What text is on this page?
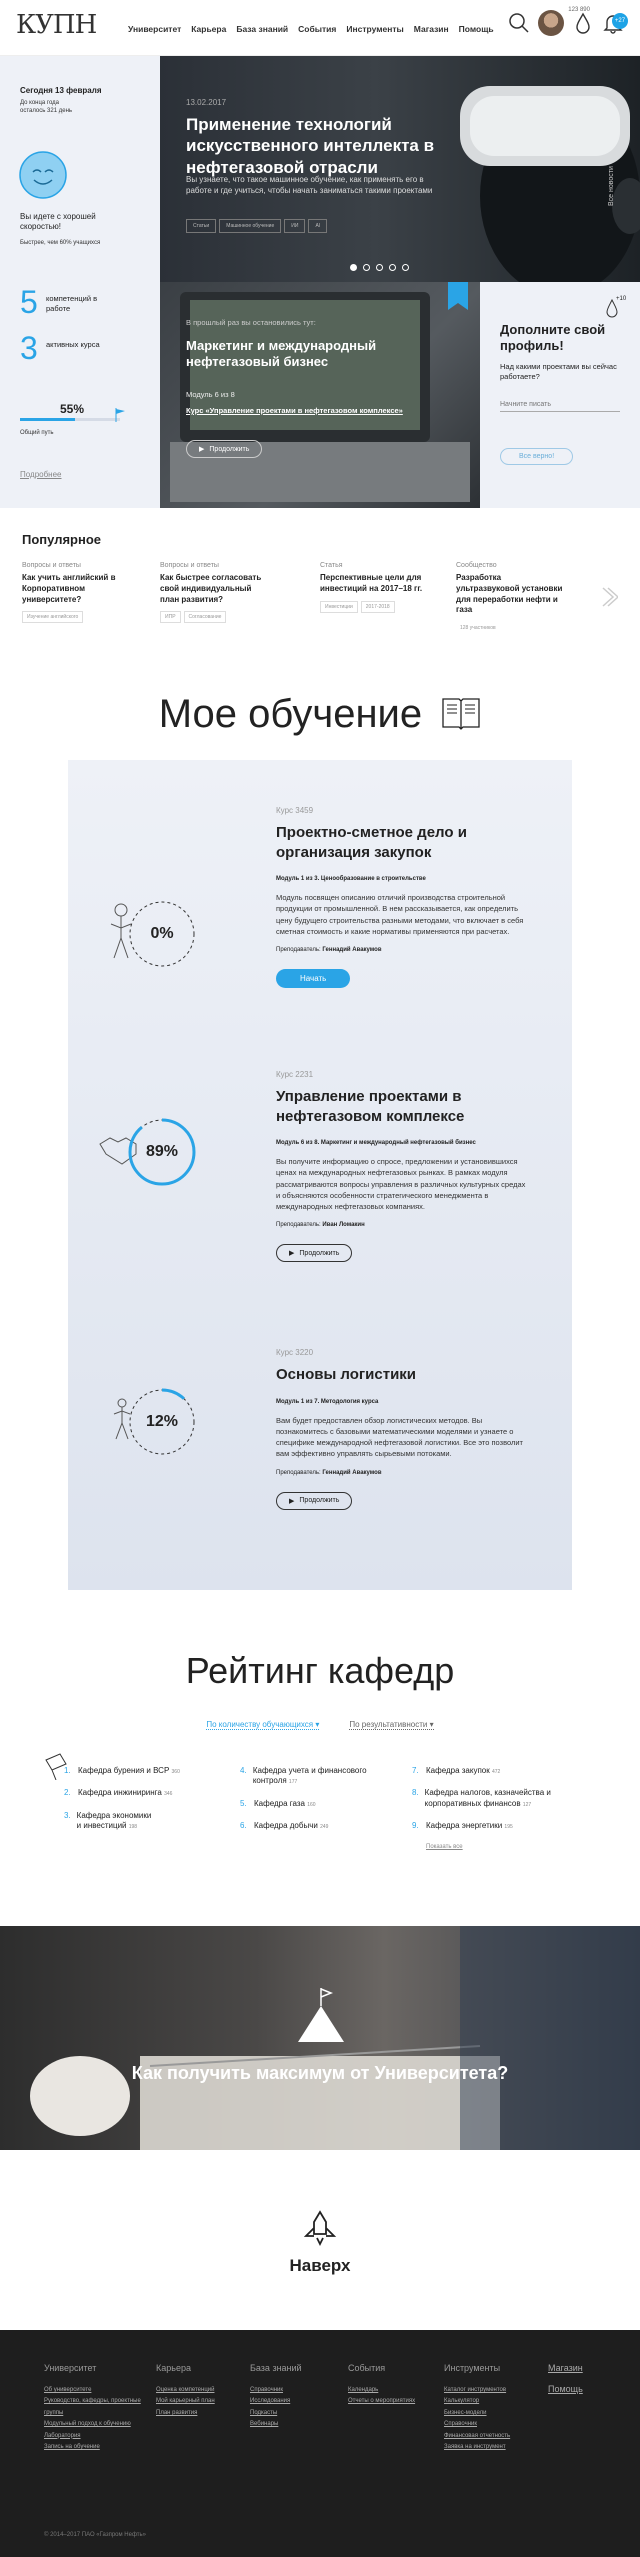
КУПН	Университет Карьера База знаний События Инструменты Магазин Помощь
123 890
+27
Сегодня 13 февраля
До конца года осталось 321 день
Вы идете с хорошей скоростью!
Быстрее, чем 60% учащихся
5 компетенций в работе
3 активных курса
55%
Общий путь
Подробнее
13.02.2017
Применение технологий искусственного интеллекта в нефтегазовой отрасли
Вы узнаете, что такое машинное обучение, как применять его в работе и где учиться, чтобы начать заниматься такими проектами
Статьи	Машинное обучение	ИИ	AI
Все новости
В прошлый раз вы остановились тут:
Маркетинг и международный нефтегазовый бизнес
Модуль 6 из 8
Курс «Управление проектами в нефтегазовом комплексе»
▶ Продолжить
+10
Дополните свой профиль!
Над какими проектами вы сейчас работаете?
Начните писать
Все верно!
Популярное
Вопросы и ответы
Как учить английский в Корпоративном университете?
Изучение английского
Вопросы и ответы
Как быстрее согласовать свой индивидуальный план развития?
ИПР	Согласование
Статья
Перспективные цели для инвестиций на 2017–18 гг.
Инвестиции	2017-2018
Сообщество
Разработка ультразвуковой установки для переработки нефти и газа
128 участников
Мое обучение
0%
Курс 3459
Проектно-сметное дело и организация закупок
Модуль 1 из 3. Ценообразование в строительстве
Модуль посвящен описанию отличий производства строительной продукции от промышленной. В нем рассказывается, как определить цену будущего строительства разными методами, что включает в себя сметная стоимость и какие нормативы применяются при расчетах.
Преподаватель: Геннадий Авакумов
Начать
89%
Курс 2231
Управление проектами в нефтегазовом комплексе
Модуль 6 из 8. Маркетинг и международный нефтегазовый бизнес
Вы получите информацию о спросе, предложении и установившихся ценах на международных нефтегазовых рынках. В рамках модуля рассматриваются вопросы управления в различных культурных средах и объясняются особенности стратегического менеджмента в международных нефтегазовых компаниях.
Преподаватель: Иван Ломакин
▶ Продолжить
12%
Курс 3220
Основы логистики
Модуль 1 из 7. Методология курса
Вам будет предоставлен обзор логистических методов. Вы познакомитесь с базовыми математическими моделями и узнаете о специфике международной нефтегазовой логистики. Все это позволит вам эффективно управлять сырьевыми потоками.
Преподаватель: Геннадий Авакумов
▶ Продолжить
Рейтинг кафедр
По количеству обучающихся ▾	По результативности ▾
1. Кафедра бурения и ВСР 360
2. Кафедра инжиниринга 346
3. Кафедра экономики и инвестиций 198
4. Кафедра учета и финансового контроля 177
5. Кафедра газа 160
6. Кафедра добычи 249
7. Кафедра закупок 472
8. Кафедра налогов, казначейства и корпоративных финансов 127
9. Кафедра энергетики 195
Показать все
Как получить максимум от Университета?
Наверх
Университет
Об университете
Руководство, кафедры, проектные группы
Модульный подход к обучению
Лаборатория
Запись на обучение
Карьера
Оценка компетенций
Мой карьерный план
План развития
База знаний
Справочник
Исследования
Подкасты
Вебинары
События
Календарь
Отчеты о мероприятиях
Инструменты
Каталог инструментов
Калькулятор
Бизнес-модели
Справочник
Финансовая отчетность
Заявка на инструмент
Магазин
Помощь
© 2014–2017 ПАО «Газпром Нефть»
